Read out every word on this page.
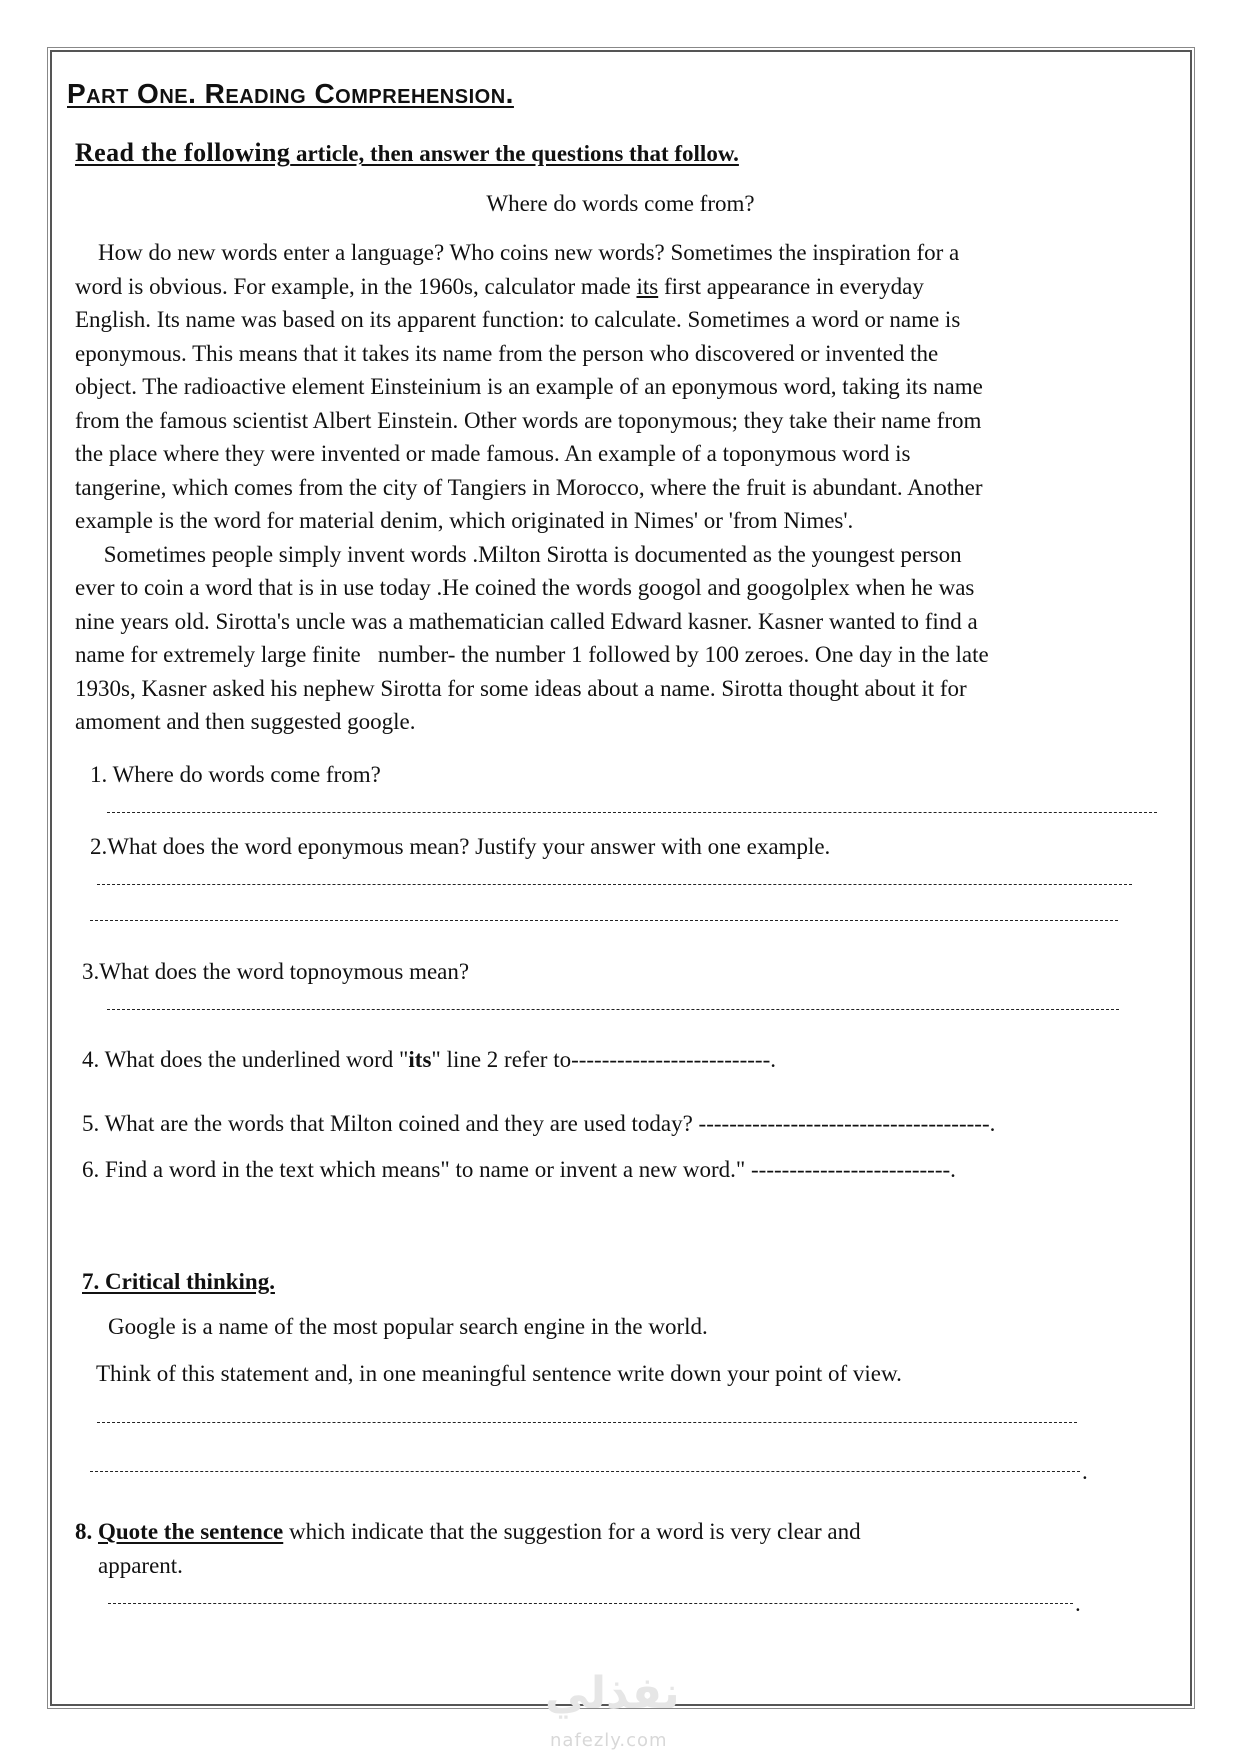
Part One. Reading Comprehension.
Read the following article, then answer the questions that follow.
Where do words come from?
How do new words enter a language? Who coins new words? Sometimes the inspiration for a
word is obvious. For example, in the 1960s, calculator made its first appearance in everyday
English. Its name was based on its apparent function: to calculate. Sometimes a word or name is
eponymous. This means that it takes its name from the person who discovered or invented the
object. The radioactive element Einsteinium is an example of an eponymous word, taking its name
from the famous scientist Albert Einstein. Other words are toponymous; they take their name from
the place where they were invented or made famous. An example of a toponymous word is
tangerine, which comes from the city of Tangiers in Morocco, where the fruit is abundant. Another
example is the word for material denim, which originated in Nimes' or 'from Nimes'.
Sometimes people simply invent words .Milton Sirotta is documented as the youngest person
ever to coin a word that is in use today .He coined the words googol and googolplex when he was
nine years old. Sirotta's uncle was a mathematician called Edward kasner. Kasner wanted to find a
name for extremely large finite   number- the number 1 followed by 100 zeroes. One day in the late
1930s, Kasner asked his nephew Sirotta for some ideas about a name. Sirotta thought about it for
amoment and then suggested google.
1. Where do words come from?
2.What does the word eponymous mean? Justify your answer with one example.
3.What does the word topnoymous mean?
4. What does the underlined word "its" line 2 refer to--------------------------.
5. What are the words that Milton coined and they are used today? --------------------------------------.
6. Find a word in the text which means" to name or invent a new word." --------------------------.
7. Critical thinking.
Google is a name of the most popular search engine in the world.
Think of this statement and, in one meaningful sentence write down your point of view.
.
8. Quote the sentence which indicate that the suggestion for a word is very clear and
apparent.
.
نفذلي
nafezly.com
